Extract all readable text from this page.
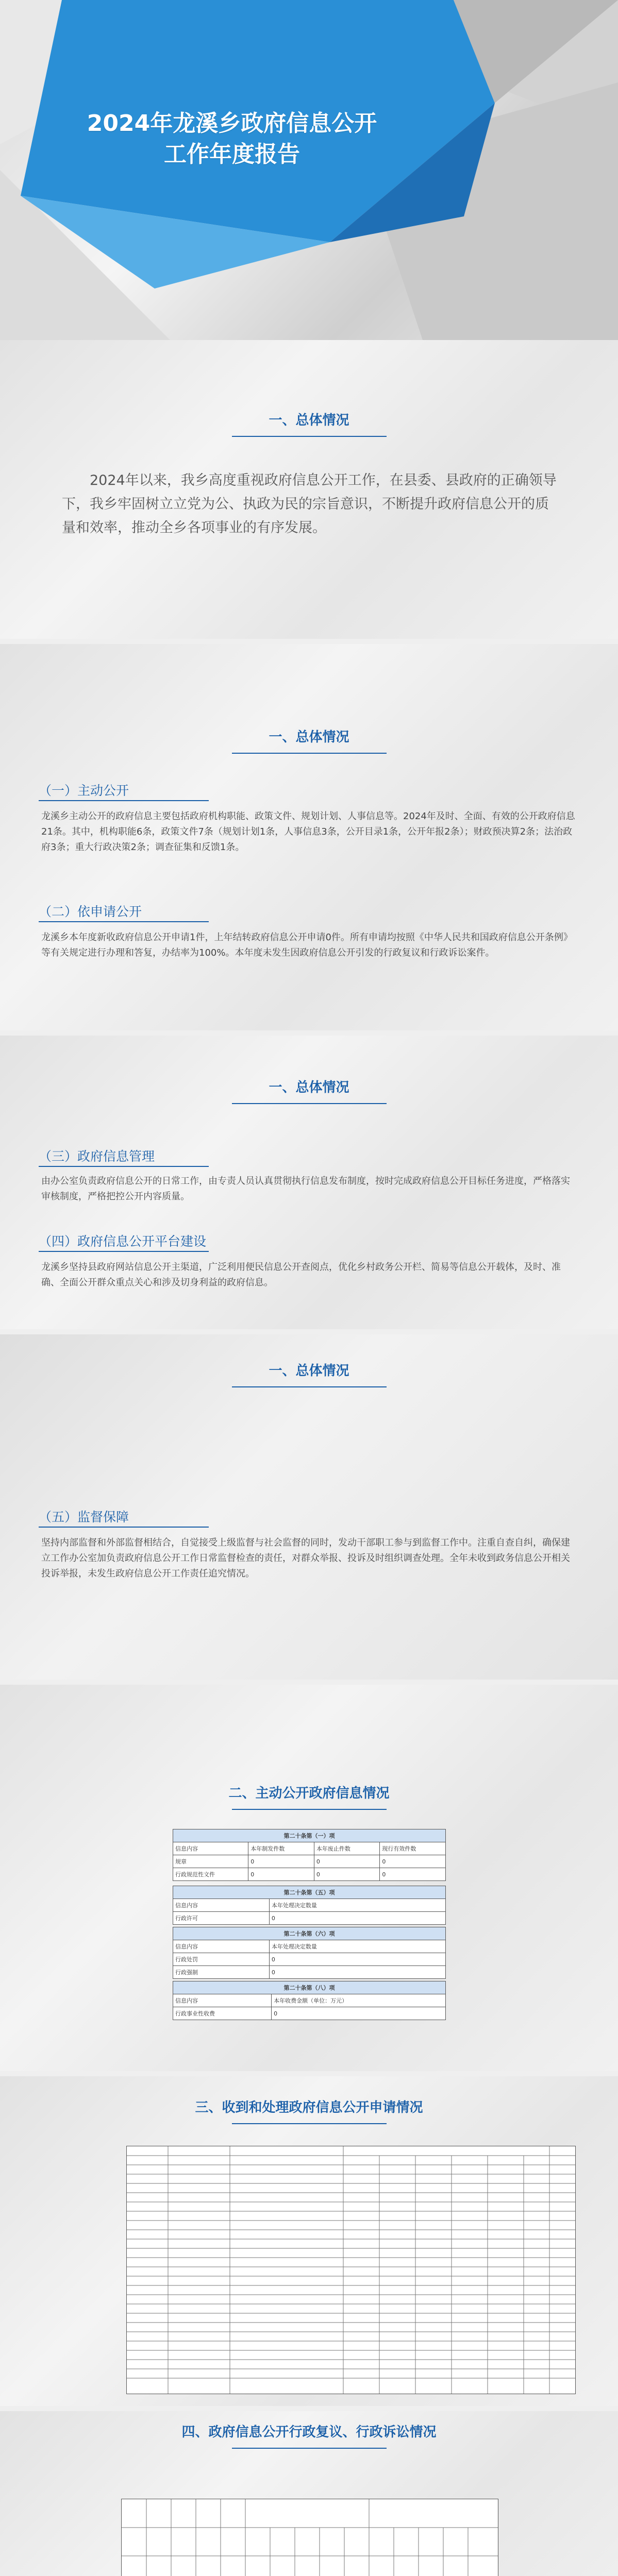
2024年龙溪乡政府信息公开工作年度报告
一、总体情况
2024年以来，我乡高度重视政府信息公开工作，在县委、县政府的正确领导下，我乡牢固树立立党为公、执政为民的宗旨意识，不断提升政府信息公开的质量和效率，推动全乡各项事业的有序发展。
一、总体情况
（一）主动公开
龙溪乡主动公开的政府信息主要包括政府机构职能、政策文件、规划计划、人事信息等。2024年及时、全面、有效的公开政府信息21条。其中，机构职能6条，政策文件7条（规划计划1条，人事信息3条，公开目录1条，公开年报2条）；财政预决算2条；法治政府3条；重大行政决策2条；调查征集和反馈1条。
（二）依申请公开
龙溪乡本年度新收政府信息公开申请1件，上年结转政府信息公开申请0件。所有申请均按照《中华人民共和国政府信息公开条例》等有关规定进行办理和答复，办结率为100%。本年度未发生因政府信息公开引发的行政复议和行政诉讼案件。
一、总体情况
（三）政府信息管理
由办公室负责政府信息公开的日常工作，由专责人员认真贯彻执行信息发布制度，按时完成政府信息公开目标任务进度，严格落实审核制度，严格把控公开内容质量。
（四）政府信息公开平台建设
龙溪乡坚持县政府网站信息公开主渠道，广泛利用便民信息公开查阅点，优化乡村政务公开栏、简易等信息公开载体，及时、准确、全面公开群众重点关心和涉及切身利益的政府信息。
一、总体情况
（五）监督保障
坚持内部监督和外部监督相结合，自觉接受上级监督与社会监督的同时，发动干部职工参与到监督工作中。注重自查自纠，确保建立工作办公室加负责政府信息公开工作日常监督检查的责任，对群众举报、投诉及时组织调查处理。全年未收到政务信息公开相关投诉举报，未发生政府信息公开工作责任追究情况。
二、主动公开政府信息情况
第二十条第（一）项			
信息内容	本年制发件数	本年废止件数	现行有效件数
规章	0	0	0
行政规范性文件	0	0	0
第二十条第（五）项	
信息内容	本年处理决定数量
行政许可	0
第二十条第（六）项	
信息内容	本年处理决定数量
行政处罚	0
行政强制	0
第二十条第（八）项	
信息内容	本年收费金额（单位：万元）
行政事业性收费	0
三、收到和处理政府信息公开申请情况
四、政府信息公开行政复议、行政诉讼情况
